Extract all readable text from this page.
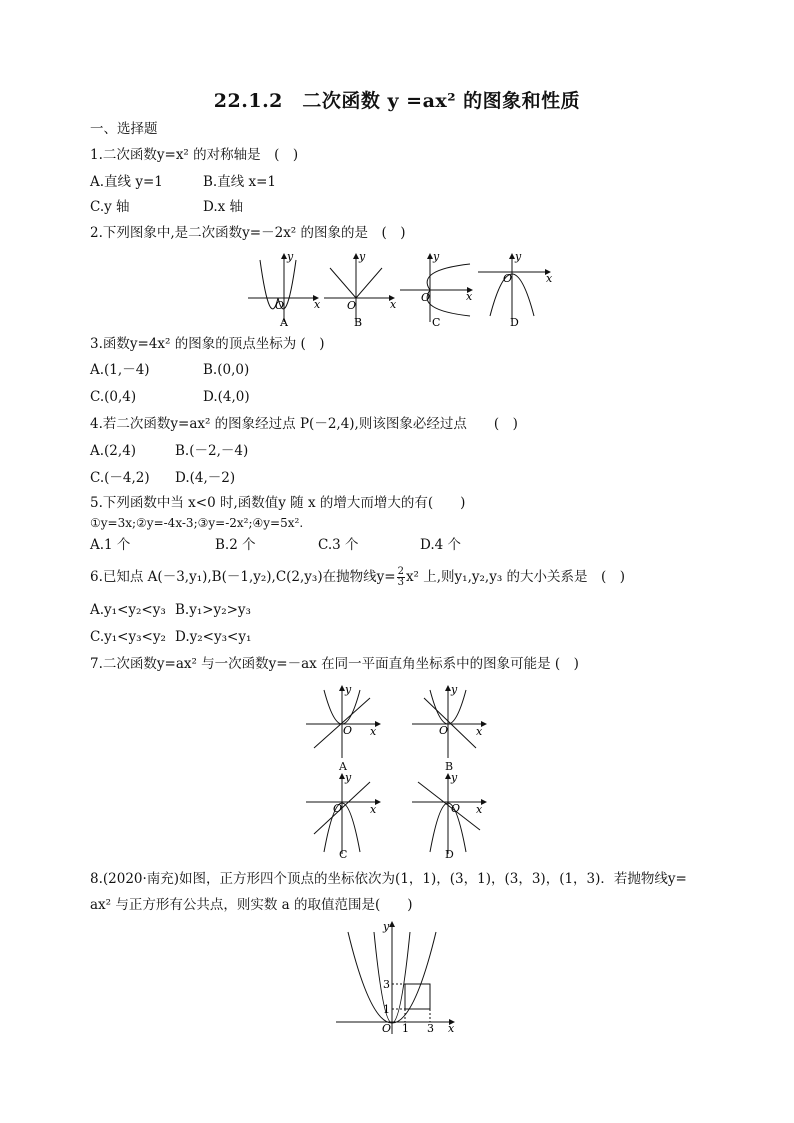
22.1.2　二次函数 y =ax² 的图象和性质
一、选择题
1.二次函数y=x² 的对称轴是　(　)
A.直线 y=1	B.直线 x=1
C.y 轴	D.x 轴
2.下列图象中,是二次函数y=－2x² 的图象的是　(　)
y
x
O
y
x
O
y
x
O
y
x
O
A	B	C	D
3.函数y=4x² 的图象的顶点坐标为 (　)
A.(1,－4)	B.(0,0)
C.(0,4)	D.(4,0)
4.若二次函数y=ax² 的图象经过点 P(－2,4),则该图象必经过点　　(　)
A.(2,4)	B.(－2,－4)
C.(－4,2) D.(4,－2)
5.下列函数中当 x<0 时,函数值y 随 x 的增大而增大的有(　　)
①y=3x;②y=-4x-3;③y=-2x²;④y=5x².
A.1 个	B.2 个	C.3 个	D.4 个
6.已知点 A(－3,y₁),B(－1,y₂),C(2,y₃)在抛物线$y= \frac{2}{3} x^2$ 上,则y₁,y₂,y₃ 的大小关系是　(　)
A.y₁<y₂<y₃ B.y₁>y₂>y₃
C.y₁<y₃<y₂ D.y₂<y₃<y₁
7.二次函数y=ax² 与一次函数y=－ax 在同一平面直角坐标系中的图象可能是 (　)
y
x
O
y
x
O
y
x
O
y
x
O
A	B
C	D
8.(2020·南充)如图，正方形四个顶点的坐标依次为(1，1)，(3，1)，(3，3)，(1，3)．若抛物线y=
ax² 与正方形有公共点，则实数 a 的取值范围是(　　)
y
x
O
1
3
1 3
